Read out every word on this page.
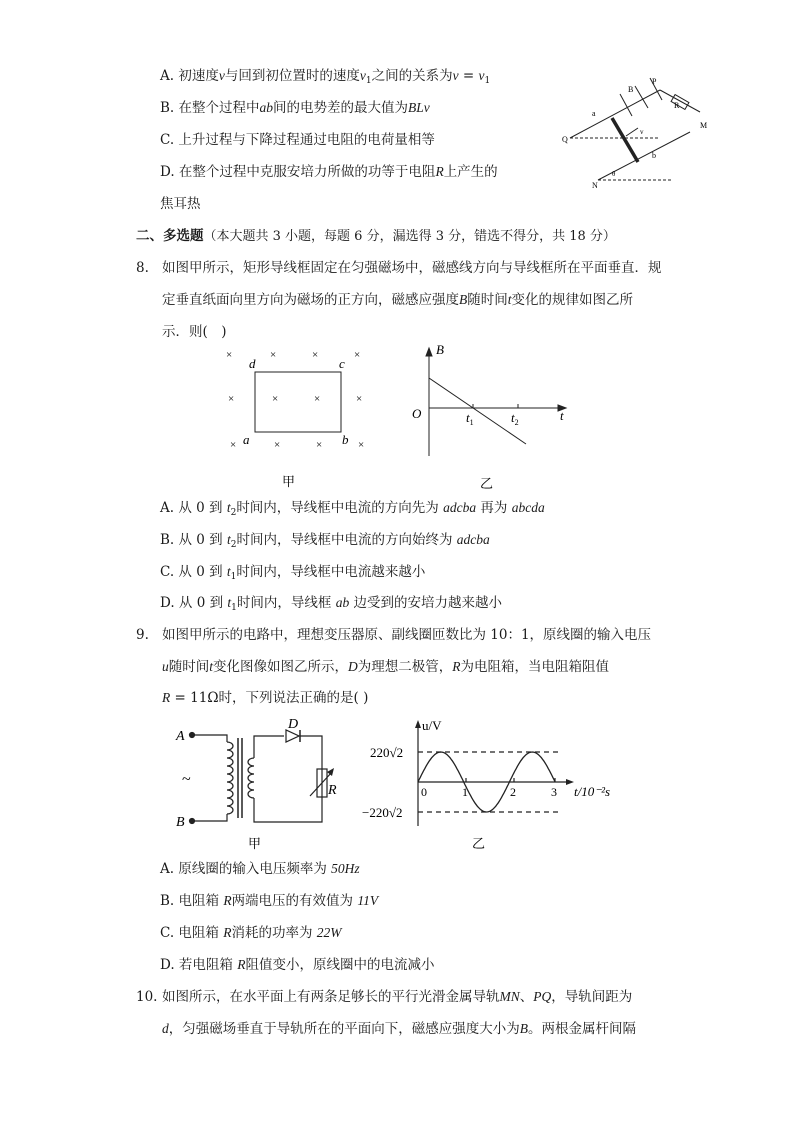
A. 初速度v与回到初位置时的速度$v_1$之间的关系为$v = v_1$
B. 在整个过程中ab间的电势差的最大值为BLv
C. 上升过程与下降过程通过电阻的电荷量相等
D. 在整个过程中克服安培力所做的功等于电阻R上产生的
焦耳热
a
B
P
R
Q
v
M
b
N
θ
二、多选题（本大题共 3 小题，每题 6 分，漏选得 3 分，错选不得分，共 18 分）
8. 如图甲所示，矩形导线框固定在匀强磁场中，磁感线方向与导线框所在平面垂直．规
定垂直纸面向里方向为磁场的正方向，磁感应强度B随时间t变化的规律如图乙所
示．则(　)
×	×	×	×
×	×	×	×
×	×	×	×
d	c
a	b
甲
B
O	$t_1$	$t_2$	t
乙
A. 从 0 到 $t_2$时间内，导线框中电流的方向先为 adcba 再为 abcda
B. 从 0 到 $t_2$时间内，导线框中电流的方向始终为 adcba
C. 从 0 到 $t_1$时间内，导线框中电流越来越小
D. 从 0 到 $t_1$时间内，导线框 ab 边受到的安培力越来越小
9. 如图甲所示的电路中，理想变压器原、副线圈匝数比为 10：1，原线圈的输入电压
u随时间t变化图像如图乙所示，D为理想二极管，R为电阻箱，当电阻箱阻值
R = 11Ω时，下列说法正确的是( )
A
B
~
D
R
甲
u/V
220√2
−220√2
0	1	2	3 t/10⁻²s
乙
A. 原线圈的输入电压频率为 50Hz
B. 电阻箱 R两端电压的有效值为 11V
C. 电阻箱 R消耗的功率为 22W
D. 若电阻箱 R阻值变小，原线圈中的电流减小
10. 如图所示，在水平面上有两条足够长的平行光滑金属导轨MN、PQ，导轨间距为
d，匀强磁场垂直于导轨所在的平面向下，磁感应强度大小为B。两根金属杆间隔
